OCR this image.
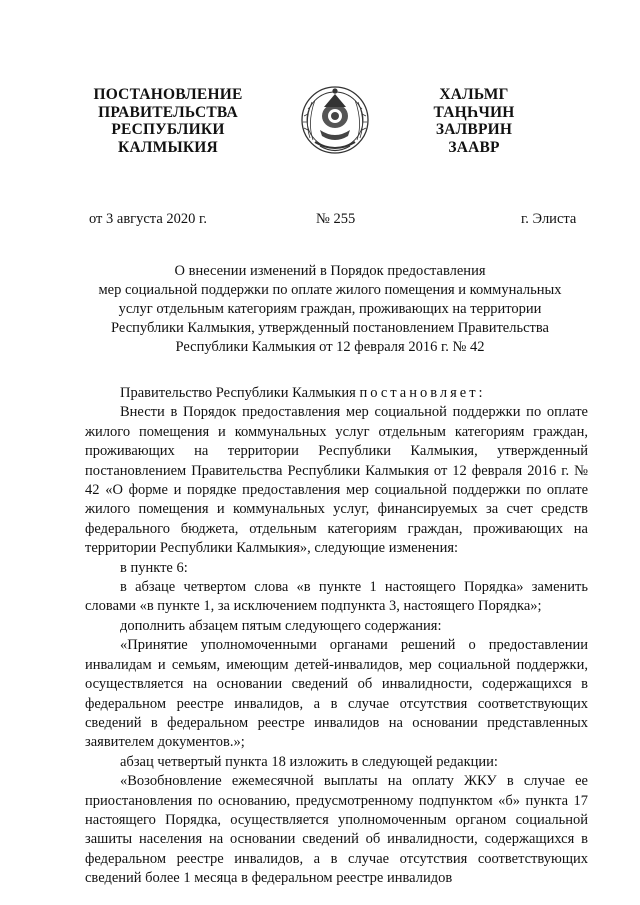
ПОСТАНОВЛЕНИЕ
ПРАВИТЕЛЬСТВА
РЕСПУБЛИКИ
КАЛМЫКИЯ
ХАЛЬМГ
ТАҢҺЧИН
ЗАЛВРИН
ЗААВР
от 3 августа 2020 г.	№ 255	г. Элиста
О внесении изменений в Порядок предоставления
мер социальной поддержки по оплате жилого помещения и коммунальных
услуг отдельным категориям граждан, проживающих на территории
Республики Калмыкия, утвержденный постановлением Правительства
Республики Калмыкия от 12 февраля 2016 г. № 42

Правительство Республики Калмыкия постановляет:

Внести в Порядок предоставления мер социальной поддержки по оплате жилого помещения и коммунальных услуг отдельным категориям граждан, проживающих на территории Республики Калмыкия, утвержденный постановлением Правительства Республики Калмыкия от 12 февраля 2016 г. № 42 «О форме и порядке предоставления мер социальной поддержки по оплате жилого помещения и коммунальных услуг, финансируемых за счет средств федерального бюджета, отдельным категориям граждан, проживающих на территории Республики Калмыкия», следующие изменения:

в пункте 6:

в абзаце четвертом слова «в пункте 1 настоящего Порядка» заменить словами «в пункте 1, за исключением подпункта 3, настоящего Порядка»;

дополнить абзацем пятым следующего содержания:

«Принятие уполномоченными органами решений о предоставлении инвалидам и семьям, имеющим детей-инвалидов, мер социальной поддержки, осуществляется на основании сведений об инвалидности, содержащихся в федеральном реестре инвалидов, а в случае отсутствия соответствующих сведений в федеральном реестре инвалидов на основании представленных заявителем документов.»;

абзац четвертый пункта 18 изложить в следующей редакции:

«Возобновление ежемесячной выплаты на оплату ЖКУ в случае ее приостановления по основанию, предусмотренному подпунктом «б» пункта 17 настоящего Порядка, осуществляется уполномоченным органом социальной зашиты населения на основании сведений об инвалидности, содержащихся в федеральном реестре инвалидов, а в случае отсутствия соответствующих сведений более 1 месяца в федеральном реестре инвалидов
